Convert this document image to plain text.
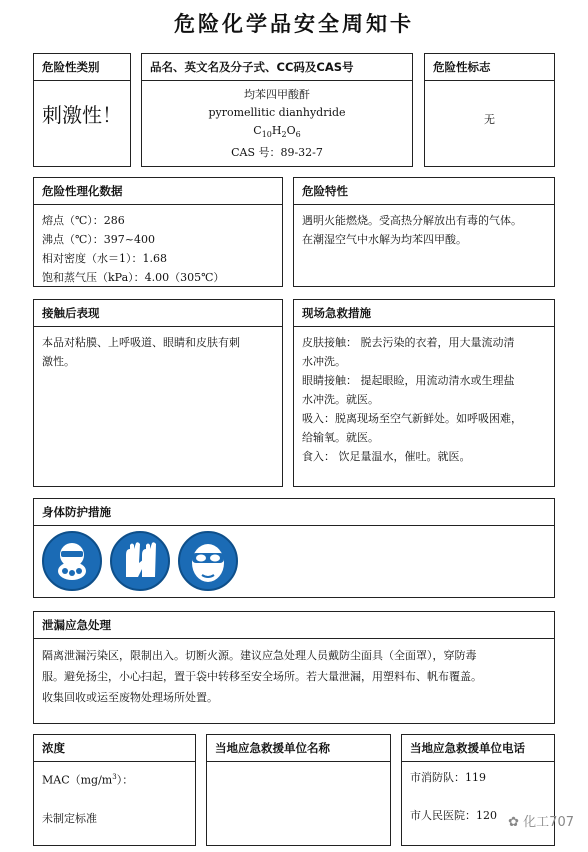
危险化学品安全周知卡
危险性类别
刺激性！
品名、英文名及分子式、CC码及CAS号
均苯四甲酸酐
pyromellitic dianhydride
$C_{10}H_2O_6$
CAS 号：89-32-7
危险性标志
无
危险性理化数据
熔点（℃）：286
沸点（℃）：397~400
相对密度（水＝1）：1.68
饱和蒸气压（kPa）：4.00（305℃）
危险特性
遇明火能燃烧。受高热分解放出有毒的气体。
在潮湿空气中水解为均苯四甲酸。
接触后表现
本品对粘膜、上呼吸道、眼睛和皮肤有刺
激性。
现场急救措施
皮肤接触： 脱去污染的衣着，用大量流动清
水冲洗。
眼睛接触： 提起眼睑，用流动清水或生理盐
水冲洗。就医。
吸入：脱离现场至空气新鲜处。如呼吸困难，
给输氧。就医。
食入： 饮足量温水，催吐。就医。
身体防护措施
泄漏应急处理
隔离泄漏污染区，限制出入。切断火源。建议应急处理人员戴防尘面具（全面罩），穿防毒
服。避免扬尘，小心扫起，置于袋中转移至安全场所。若大量泄漏，用塑料布、帆布覆盖。
收集回收或运至废物处理场所处置。
浓度
$MAC(mg/m^3)$：
未制定标准
当地应急救援单位名称	当地应急救援单位电话
市消防队：119
市人民医院：120 ✿ 化工707
